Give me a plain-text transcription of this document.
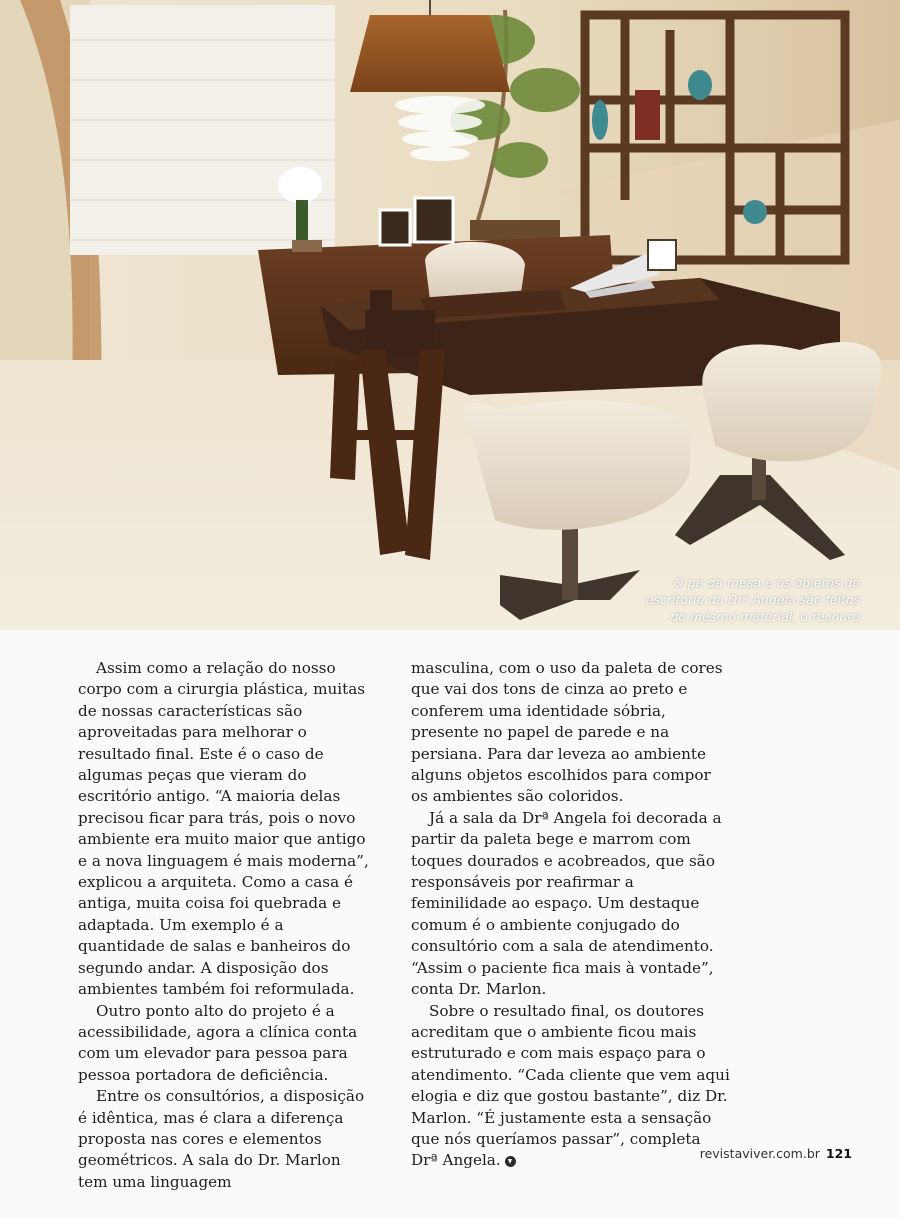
O pé da mesa e os objetos do
escritório da Drª Angela são feitos
do mesmo material, o recouro

Assim como a relação do nosso corpo com a cirurgia plástica, muitas de nossas características são aproveitadas para melhorar o resultado final. Este é o caso de algumas peças que vieram do escritório antigo. “A maioria delas precisou ficar para trás, pois o novo ambiente era muito maior que antigo e a nova linguagem é mais moderna”, explicou a arquiteta. Como a casa é antiga, muita coisa foi quebrada e adaptada. Um exemplo é a quantidade de salas e banheiros do segundo andar. A disposição dos ambientes também foi reformulada.

Outro ponto alto do projeto é a acessibilidade, agora a clínica conta com um elevador para pessoa para pessoa portadora de deficiência.

Entre os consultórios, a disposição é idêntica, mas é clara a diferença proposta nas cores e elementos geométricos. A sala do Dr. Marlon tem uma linguagem

masculina, com o uso da paleta de cores que vai dos tons de cinza ao preto e conferem uma identidade sóbria, presente no papel de parede e na persiana. Para dar leveza ao ambiente alguns objetos escolhidos para compor os ambientes são coloridos.

Já a sala da Drª Angela foi decorada a partir da paleta bege e marrom com toques dourados e acobreados, que são responsáveis por reafirmar a feminilidade ao espaço. Um destaque comum é o ambiente conjugado do consultório com a sala de atendimento. “Assim o paciente fica mais à vontade”, conta Dr. Marlon.

Sobre o resultado final, os doutores acreditam que o ambiente ficou mais estruturado e com mais espaço para o atendimento. “Cada cliente que vem aqui elogia e diz que gostou bastante”, diz Dr. Marlon. “É justamente esta a sensação que nós queríamos passar”, completa Drª Angela.	revistaviver.com.br 121
